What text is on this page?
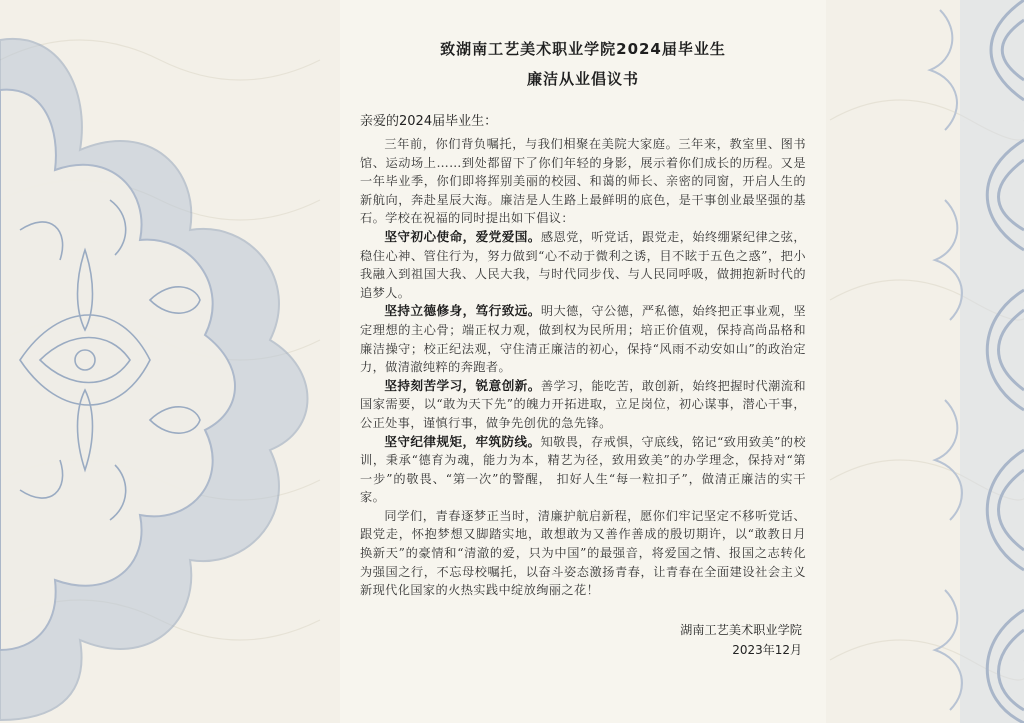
致湖南工艺美术职业学院2024届毕业生
廉洁从业倡议书
亲爱的2024届毕业生：

三年前，你们背负嘱托，与我们相聚在美院大家庭。三年来，教室里、图书馆、运动场上……到处都留下了你们年轻的身影，展示着你们成长的历程。又是一年毕业季，你们即将挥别美丽的校园、和蔼的师长、亲密的同窗，开启人生的新航向，奔赴星辰大海。廉洁是人生路上最鲜明的底色，是干事创业最坚强的基石。学校在祝福的同时提出如下倡议：

坚守初心使命，爱党爱国。感恩党，听党话，跟党走，始终绷紧纪律之弦，稳住心神、管住行为，努力做到“心不动于微利之诱，目不眩于五色之惑”，把小我融入到祖国大我、人民大我，与时代同步伐、与人民同呼吸，做拥抱新时代的追梦人。

坚持立德修身，笃行致远。明大德，守公德，严私德，始终把正事业观，坚定理想的主心骨；端正权力观，做到权为民所用；培正价值观，保持高尚品格和廉洁操守；校正纪法观，守住清正廉洁的初心，保持“风雨不动安如山”的政治定力，做清澈纯粹的奔跑者。

坚持刻苦学习，锐意创新。善学习，能吃苦，敢创新，始终把握时代潮流和国家需要，以“敢为天下先”的魄力开拓进取，立足岗位，初心谋事，潜心干事，公正处事，谨慎行事，做争先创优的急先锋。

坚守纪律规矩，牢筑防线。知敬畏，存戒惧，守底线，铭记“致用致美”的校训，秉承“德育为魂，能力为本，精艺为径，致用致美”的办学理念，保持对“第一步”的敬畏、“第一次”的警醒， 扣好人生“每一粒扣子”，做清正廉洁的实干家。

同学们，青春逐梦正当时，清廉护航启新程，愿你们牢记坚定不移听党话、跟党走，怀抱梦想又脚踏实地，敢想敢为又善作善成的殷切期许，以“敢教日月换新天”的豪情和“清澈的爱，只为中国”的最强音，将爱国之情、报国之志转化为强国之行，不忘母校嘱托，以奋斗姿态激扬青春，让青春在全面建设社会主义新现代化国家的火热实践中绽放绚丽之花！

湖南工艺美术职业学院
2023年12月
